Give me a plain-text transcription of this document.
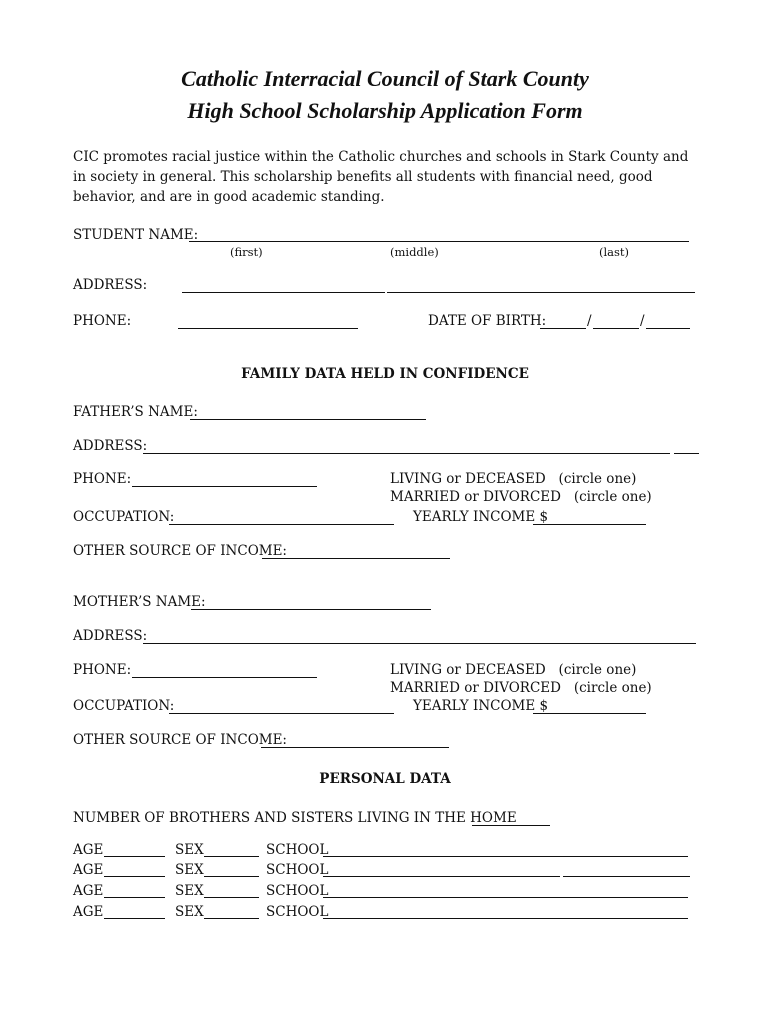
Catholic Interracial Council of Stark County
High School Scholarship Application Form
CIC promotes racial justice within the Catholic churches and schools in Stark County and in society in general. This scholarship benefits all students with financial need, good behavior, and are in good academic standing.
STUDENT NAME:
(first)	(middle)	(last)
ADDRESS:
PHONE:	DATE OF BIRTH:	/	/
FAMILY DATA HELD IN CONFIDENCE
FATHER’S NAME:
ADDRESS:
PHONE:	LIVING or DECEASED   (circle one)
MARRIED or DIVORCED   (circle one)
OCCUPATION:	YEARLY INCOME $
OTHER SOURCE OF INCOME:
MOTHER’S NAME:
ADDRESS:
PHONE:	LIVING or DECEASED   (circle one)
MARRIED or DIVORCED   (circle one)
OCCUPATION:	YEARLY INCOME $
OTHER SOURCE OF INCOME:
PERSONAL DATA
NUMBER OF BROTHERS AND SISTERS LIVING IN THE HOME
AGE	SEX	SCHOOL
AGE	SEX	SCHOOL
AGE	SEX	SCHOOL
AGE	SEX	SCHOOL
